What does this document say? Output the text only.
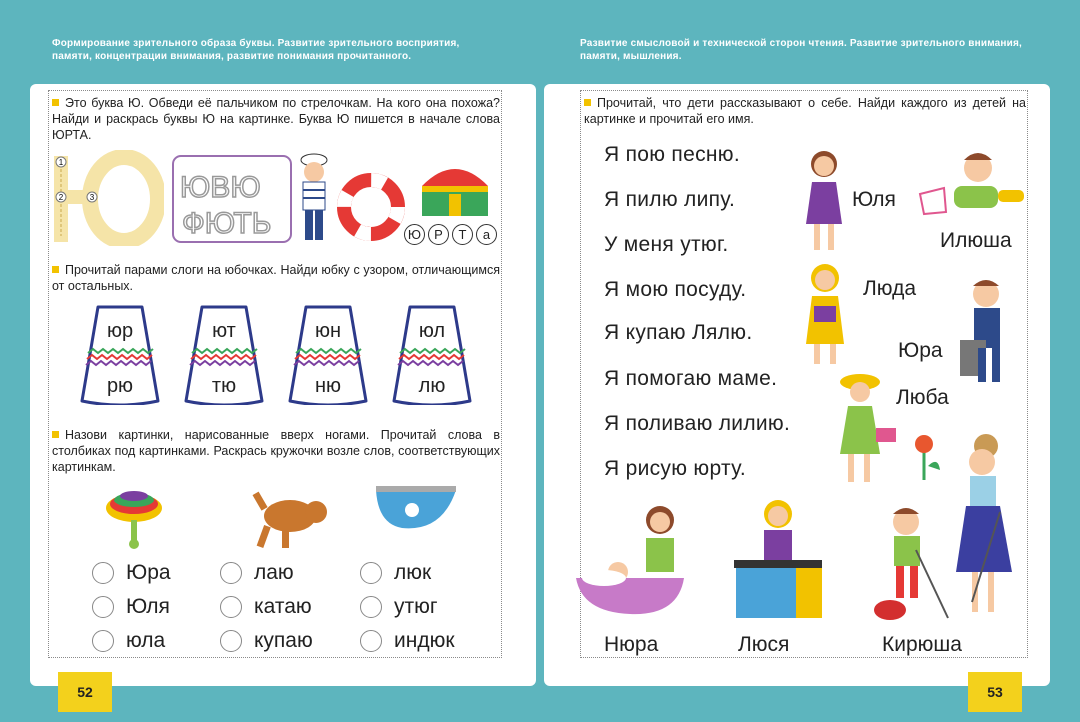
Формирование зрительного образа буквы. Развитие зрительного восприятия, памяти, концентрации внимания, развитие понимания прочитанного.
Развитие смысловой и технической сторон чтения. Развитие зрительного внимания, памяти, мышления.
Это буква Ю. Обведи её пальчиком по стрелочкам. На кого она похожа? Найди и раскрась буквы Ю на картинке. Буква Ю пишется в начале слова ЮРТА.
1
2	3	ЮВЮ
ФЮТЬ	Ю	Р	Т	а
Прочитай парами слоги на юбочках. Найди юбку с узором, отличающимся от остальных.
юр
рю
ют
тю
юн
ню
юл
лю
Назови картинки, нарисованные вверх ногами. Прочитай слова в столбиках под картинками. Раскрась кружочки возле слов, соответствующих картинкам.
Юра
Юля
юла
лаю
катаю
купаю
люк
утюг
индюк
52
Прочитай, что дети рассказывают о себе. Найди каждого из детей на картинке и прочитай его имя.
Я пою песню.
Я пилю липу.
У меня утюг.
Я мою посуду.
Я купаю Лялю.
Я помогаю маме.
Я поливаю лилию.
Я рисую юрту.
Юля
Илюша
Люда
Юра
Люба
Нюра	Люся	Кирюша
53
